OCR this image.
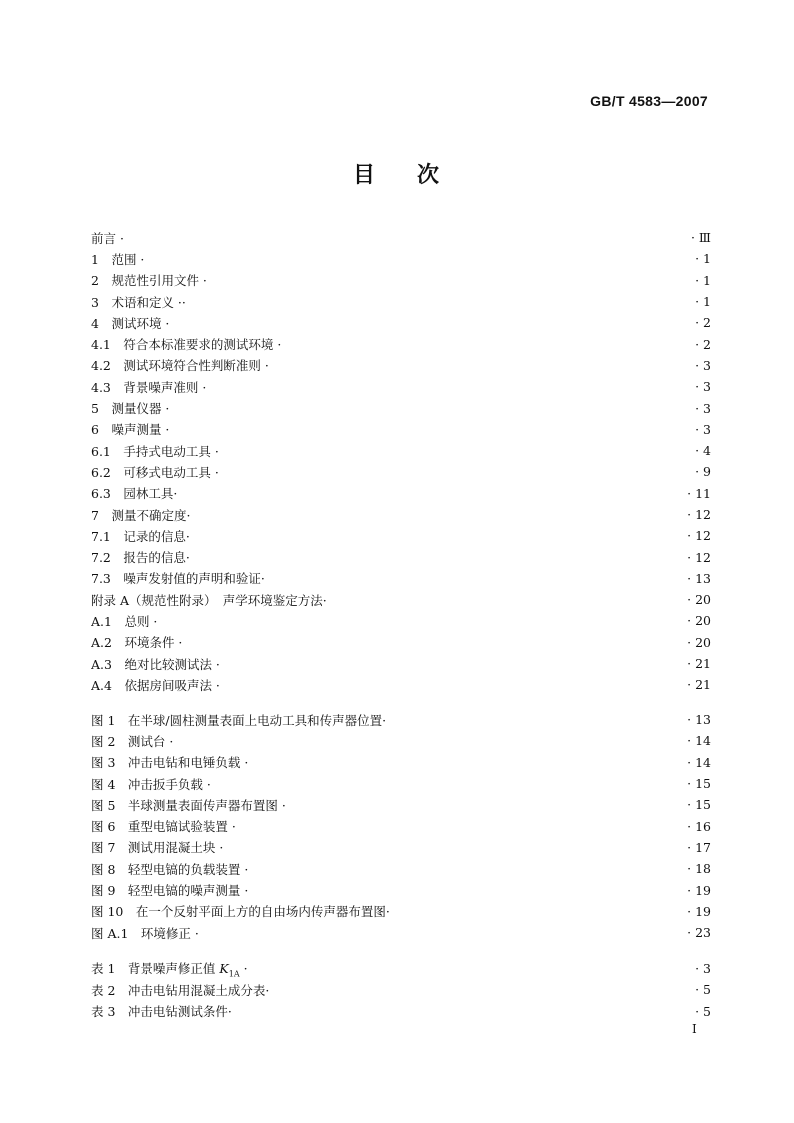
GB/T 4583—2007
目 次
前言 ·	· Ⅲ
1　范围 ·	· 1
2　规范性引用文件 ·	· 1
3　术语和定义 ··	· 1
4　测试环境 ·	· 2
4.1　符合本标准要求的测试环境 ·	· 2
4.2　测试环境符合性判断准则 ·	· 3
4.3　背景噪声准则 ·	· 3
5　测量仪器 ·	· 3
6　噪声测量 ·	· 3
6.1　手持式电动工具 ·	· 4
6.2　可移式电动工具 ·	· 9
6.3　园林工具·	· 11
7　测量不确定度·	· 12
7.1　记录的信息·	· 12
7.2　报告的信息·	· 12
7.3　噪声发射值的声明和验证·	· 13
附录 A（规范性附录）　声学环境鉴定方法·	· 20
A.1　总则 ·	· 20
A.2　环境条件 ·	· 20
A.3　绝对比较测试法 ·	· 21
A.4　依据房间吸声法 ·	· 21
图 1　在半球/圆柱测量表面上电动工具和传声器位置·	· 13
图 2　测试台 ·	· 14
图 3　冲击电钻和电锤负载 ·	· 14
图 4　冲击扳手负载 ·	· 15
图 5　半球测量表面传声器布置图 ·	· 15
图 6　重型电镐试验装置 ·	· 16
图 7　测试用混凝土块 ·	· 17
图 8　轻型电镐的负载装置 ·	· 18
图 9　轻型电镐的噪声测量 ·	· 19
图 10　在一个反射平面上方的自由场内传声器布置图·	· 19
图 A.1　环境修正 ·	· 23
表 1　背景噪声修正值 $K_{1A}$ ·	· 3
表 2　冲击电钻用混凝土成分表·	· 5
表 3　冲击电钻测试条件·	· 5
Ⅰ
